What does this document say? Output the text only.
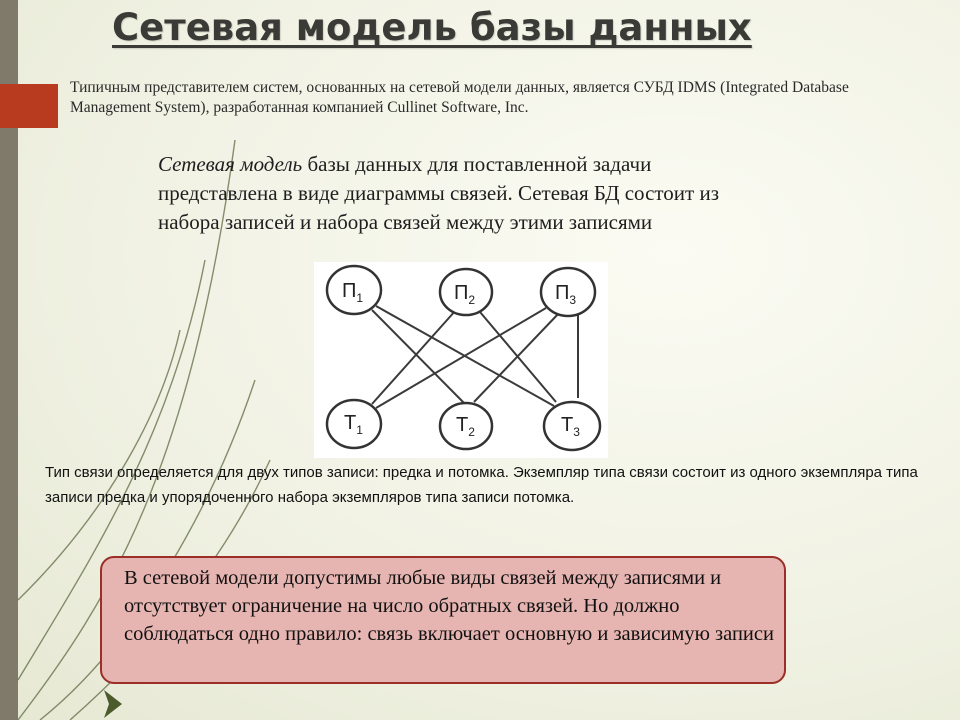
Сетевая модель базы данных

Типичным представителем систем, основанных на сетевой модели данных, является СУБД IDMS (Integrated Database Management System), разработанная компанией Cullinet Software, Inc.

Сетевая модель базы данных для поставленной задачи представлена в виде диаграммы связей. Сетевая БД состоит из набора записей и набора связей между этими записями

$П_1$	$П_2$	$П_3$
$Т_1$	$Т_2$	$Т_3$

Тип связи определяется для двух типов записи: предка и потомка. Экземпляр типа связи состоит из одного экземпляра типа записи предка и упорядоченного набора экземпляров типа записи потомка.

В сетевой модели допустимы любые виды связей между записями и отсутствует ограничение на число обратных связей. Но должно соблюдаться одно правило: связь включает основную и зависимую записи
